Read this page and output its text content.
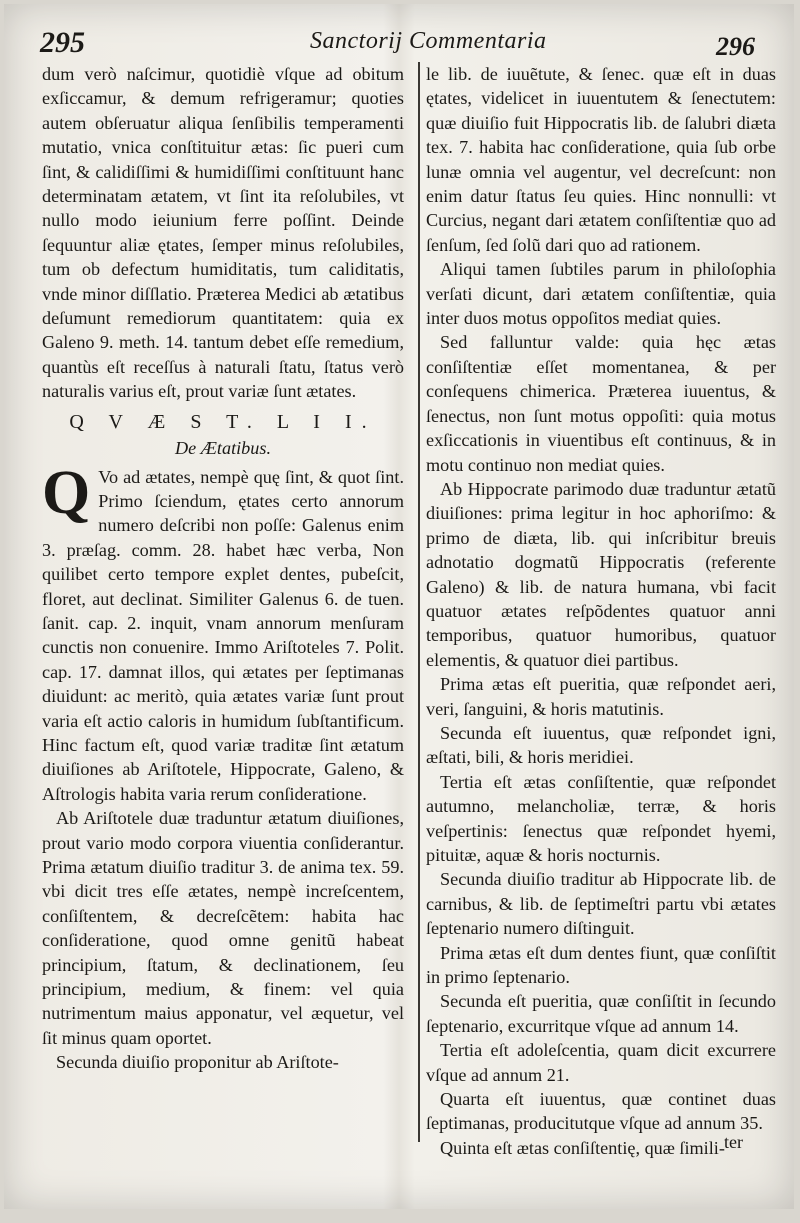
295	Sanctorij Commentaria	296

dum verò naſcimur, quotidiè vſque ad obitum exſiccamur, & demum refrigeramur; quoties autem obſeruatur aliqua ſenſibilis temperamenti mutatio, vnica conſtituitur ætas: ſic pueri cum ſint, & calidiſſimi & humidiſſimi conſtituunt hanc determinatam ætatem, vt ſint ita reſolubiles, vt nullo modo ieiunium ferre poſſint. Deinde ſequuntur aliæ ętates, ſemper minus reſolubiles, tum ob defectum humiditatis, tum caliditatis, vnde minor diſſlatio. Præterea Medici ab ætatibus deſumunt remediorum quantitatem: quia ex Galeno 9. meth. 14. tantum debet eſſe remedium, quantùs eſt receſſus à naturali ſtatu, ſtatus verò naturalis varius eſt, prout variæ ſunt ætates.

Q V Æ S T. L I I.

De Ætatibus.

Q Vo ad ætates, nempè quę ſint, & quot ſint. Primo ſciendum, ętates certo annorum numero deſcribi non poſſe: Galenus enim 3. præſag. comm. 28. habet hæc verba, Non quilibet certo tempore explet dentes, pubeſcit, floret, aut declinat. Similiter Galenus 6. de tuen. ſanit. cap. 2. inquit, vnam annorum menſuram cunctis non conuenire. Immo Ariſtoteles 7. Polit. cap. 17. damnat illos, qui ætates per ſeptimanas diuidunt: ac meritò, quia ætates variæ ſunt prout varia eſt actio caloris in humidum ſubſtantificum. Hinc factum eſt, quod variæ traditæ ſint ætatum diuiſiones ab Ariſtotele, Hippocrate, Galeno, & Aſtrologis habita varia rerum conſideratione.

Ab Ariſtotele duæ traduntur ætatum diuiſiones, prout vario modo corpora viuentia conſiderantur. Prima ætatum diuiſio traditur 3. de anima tex. 59. vbi dicit tres eſſe ætates, nempè increſcentem, conſiſtentem, & decreſcẽtem: habita hac conſideratione, quod omne genitũ habeat principium, ſtatum, & declinationem, ſeu principium, medium, & finem: vel quia nutrimentum maius apponatur, vel æquetur, vel ſit minus quam oportet.

Secunda diuiſio proponitur ab Ariſtote-

le lib. de iuuẽtute, & ſenec. quæ eſt in duas ętates, videlicet in iuuentutem & ſenectutem: quæ diuiſio fuit Hippocratis lib. de ſalubri diæta tex. 7. habita hac conſideratione, quia ſub orbe lunæ omnia vel augentur, vel decreſcunt: non enim datur ſtatus ſeu quies. Hinc nonnulli: vt Curcius, negant dari ætatem conſiſtentiæ quo ad ſenſum, ſed ſolũ dari quo ad rationem.

Aliqui tamen ſubtiles parum in philoſophia verſati dicunt, dari ætatem conſiſtentiæ, quia inter duos motus oppoſitos mediat quies.

Sed falluntur valde: quia hęc ætas conſiſtentiæ eſſet momentanea, & per conſequens chimerica. Præterea iuuentus, & ſenectus, non ſunt motus oppoſiti: quia motus exſiccationis in viuentibus eſt continuus, & in motu continuo non mediat quies.

Ab Hippocrate parimodo duæ traduntur ætatũ diuiſiones: prima legitur in hoc aphoriſmo: & primo de diæta, lib. qui inſcribitur breuis adnotatio dogmatũ Hippocratis (referente Galeno) & lib. de natura humana, vbi facit quatuor ætates reſpõdentes quatuor anni temporibus, quatuor humoribus, quatuor elementis, & quatuor diei partibus.

Prima ætas eſt pueritia, quæ reſpondet aeri, veri, ſanguini, & horis matutinis.

Secunda eſt iuuentus, quæ reſpondet igni, æſtati, bili, & horis meridiei.

Tertia eſt ætas conſiſtentie, quæ reſpondet autumno, melancholiæ, terræ, & horis veſpertinis: ſenectus quæ reſpondet hyemi, pituitæ, aquæ & horis nocturnis.

Secunda diuiſio traditur ab Hippocrate lib. de carnibus, & lib. de ſeptimeſtri partu vbi ætates ſeptenario numero diſtinguit.

Prima ætas eſt dum dentes fiunt, quæ conſiſtit in primo ſeptenario.

Secunda eſt pueritia, quæ conſiſtit in ſecundo ſeptenario, excurritque vſque ad annum 14.

Tertia eſt adoleſcentia, quam dicit excurrere vſque ad annum 21.

Quarta eſt iuuentus, quæ continet duas ſeptimanas, producitutque vſque ad annum 35.

Quinta eſt ætas conſiſtentię, quæ ſimili- ter
